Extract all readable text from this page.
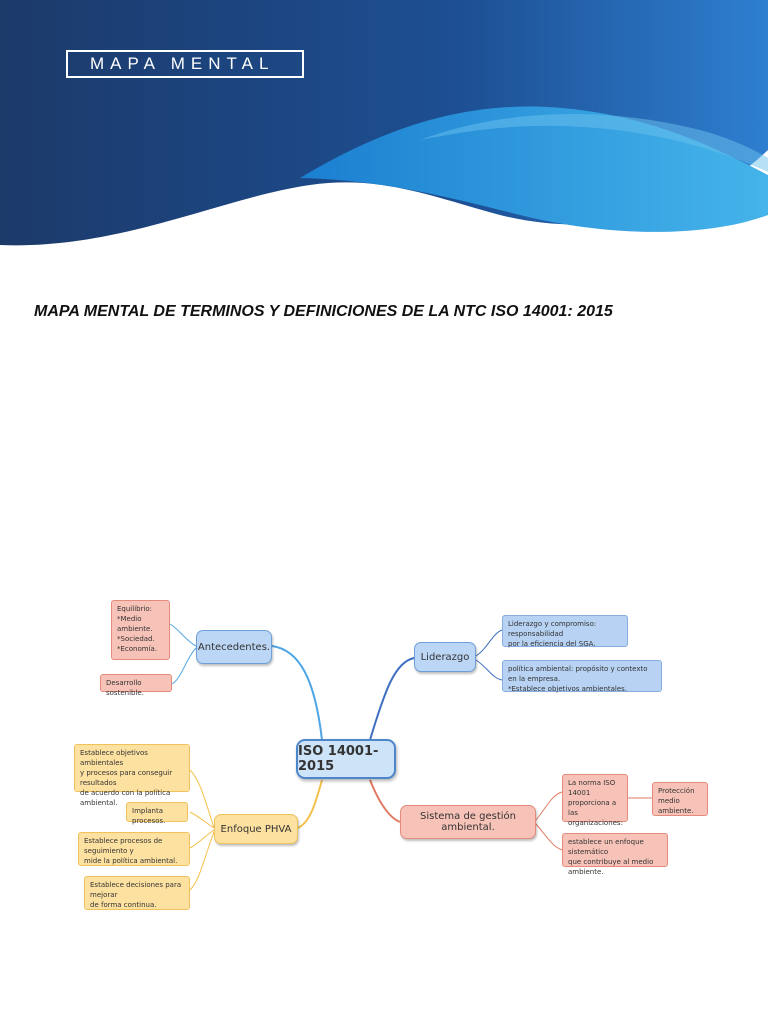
MAPA MENTAL
MAPA MENTAL DE TERMINOS Y DEFINICIONES DE LA NTC ISO 14001: 2015
ISO 14001-2015
Antecedentes.
Equilibrio:
*Medio ambiente.
*Sociedad.
*Economía.
Desarrollo sostenible.
Liderazgo
Liderazgo y compromiso: responsabilidad
por la eficiencia del SGA.
política ambiental: propósito y contexto en la empresa.
*Establece objetivos ambientales.
Enfoque PHVA
Establece objetivos ambientales
y procesos para conseguir resultados
de acuerdo con la política ambiental.
Implanta procesos.
Establece procesos de seguimiento y
mide la política ambiental.
Establece decisiones para mejorar
de forma continua.
Sistema de gestión ambiental.
La norma ISO 14001
proporciona a las
organizaciones:
Protección
medio ambiente.
establece un enfoque sistemático
que contribuye al medio ambiente.
